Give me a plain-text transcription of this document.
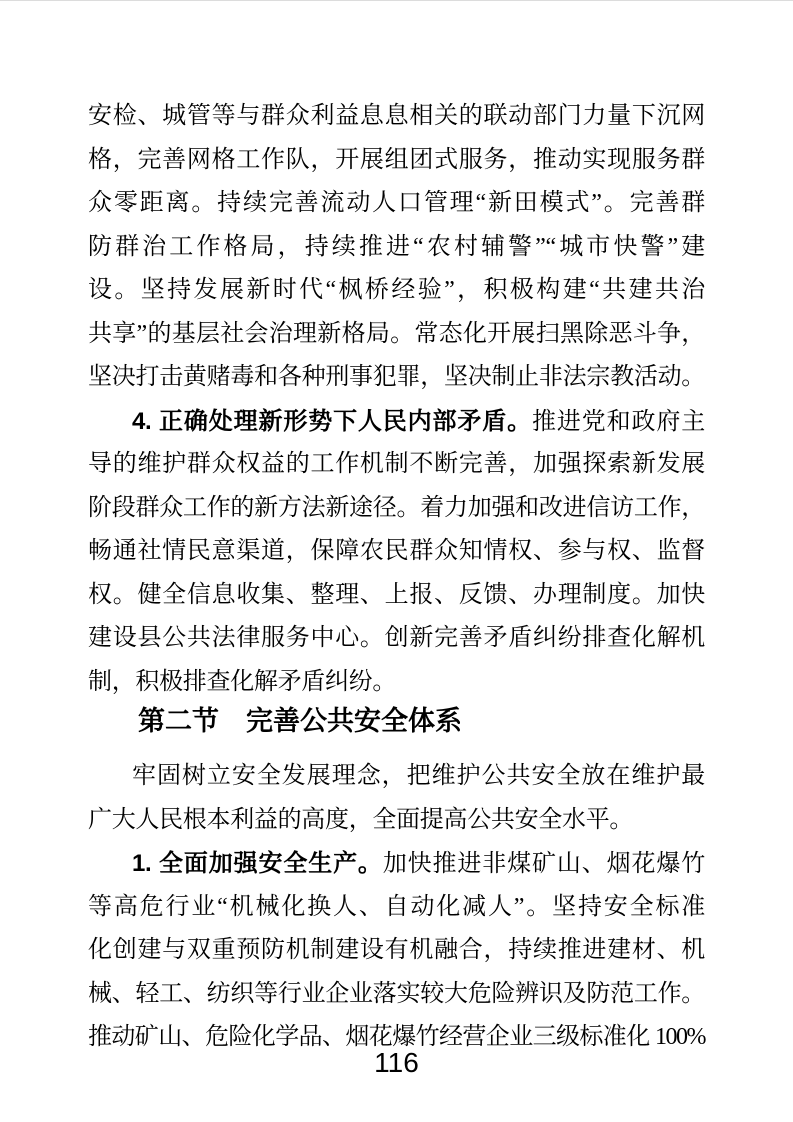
安检、城管等与群众利益息息相关的联动部门力量下沉网
格，完善网格工作队，开展组团式服务，推动实现服务群
众零距离。持续完善流动人口管理“新田模式”。完善群
防群治工作格局，持续推进“农村辅警”“城市快警”建
设。坚持发展新时代“枫桥经验”，积极构建“共建共治
共享”的基层社会治理新格局。常态化开展扫黑除恶斗争，
坚决打击黄赌毒和各种刑事犯罪，坚决制止非法宗教活动。
4. 正确处理新形势下人民内部矛盾。推进党和政府主
导的维护群众权益的工作机制不断完善，加强探索新发展
阶段群众工作的新方法新途径。着力加强和改进信访工作，
畅通社情民意渠道，保障农民群众知情权、参与权、监督
权。健全信息收集、整理、上报、反馈、办理制度。加快
建设县公共法律服务中心。创新完善矛盾纠纷排查化解机
制，积极排查化解矛盾纠纷。
第二节 完善公共安全体系
牢固树立安全发展理念，把维护公共安全放在维护最
广大人民根本利益的高度，全面提高公共安全水平。
1. 全面加强安全生产。加快推进非煤矿山、烟花爆竹
等高危行业“机械化换人、自动化减人”。坚持安全标准
化创建与双重预防机制建设有机融合，持续推进建材、机
械、轻工、纺织等行业企业落实较大危险辨识及防范工作。
推动矿山、危险化学品、烟花爆竹经营企业三级标准化 100%
116
